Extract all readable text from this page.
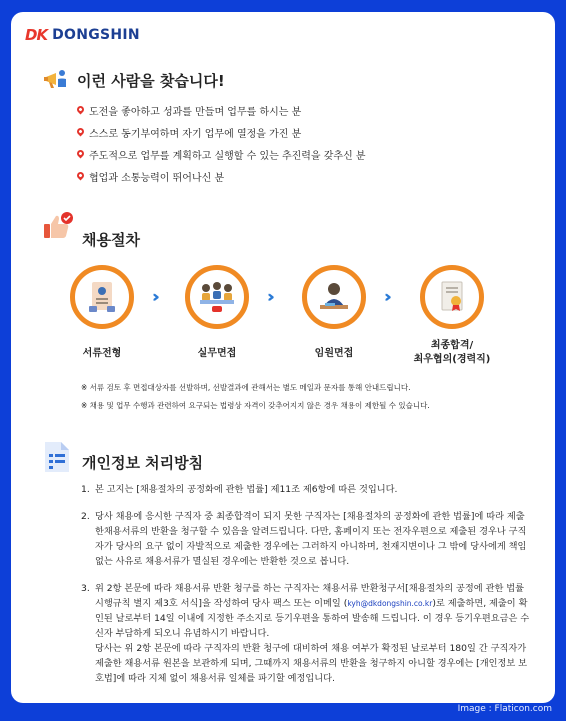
DK DONGSHIN
이런 사람을 찾습니다!
도전을 좋아하고 성과를 만들며 업무를 하시는 분
스스로 동기부여하며 자기 업무에 열정을 가진 분
주도적으로 업무를 계획하고 실행할 수 있는 추진력을 갖추신 분
협업과 소통능력이 뛰어나신 분
채용절차
서류전형
›››
실무면접
›››
임원면접
›››
최종합격/
최우협의(경력직)
※ 서류 검토 후 면접대상자를 선발하며, 선발결과에 관해서는 별도 메일과 문자를 통해 안내드립니다.
※ 채용 및 업무 수행과 관련하여 요구되는 법령상 자격이 갖추어지지 않은 경우 채용이 제한될 수 있습니다.
개인정보 처리방침
1. 본 고지는 [채용절차의 공정화에 관한 법률] 제11조 제6항에 따른 것입니다.
2. 당사 채용에 응시한 구직자 중 최종합격이 되지 못한 구직자는 [채용절차의 공정화에 관한 법률]에 따라 제출한채용서류의 반환을 청구할 수 있음을 알려드립니다. 다만, 홈페이지 또는 전자우편으로 제출된 경우나 구직자가 당사의 요구 없이 자발적으로 제출한 경우에는 그러하지 아니하며, 천재지변이나 그 밖에 당사에게 책임없는 사유로 채용서류가 멸실된 경우에는 반환한 것으로 봅니다.
3. 위 2항 본문에 따라 채용서류 반환 청구를 하는 구직자는 채용서류 반환청구서[채용절차의 공정에 관한 법률 시행규칙 별지 제3호 서식]을 작성하여 당사 팩스 또는 이메일 (kyh@dkdongshin.co.kr)로 제출하면, 제출이 확인된 날로부터 14일 이내에 지정한 주소지로 등기우편을 통하여 발송해 드립니다. 이 경우 등기우편요금은 수신자 부담하게 되오니 유념하시기 바랍니다.
당사는 위 2항 본문에 따라 구직자의 반환 청구에 대비하여 채용 여부가 확정된 날로부터 180일 간 구직자가 제출한 채용서류 원본을 보관하게 되며, 그때까지 채용서류의 반환을 청구하지 아니할 경우에는 [개인정보 보호법]에 따라 지체 없이 채용서류 일체를 파기할 예정입니다.
Image : Flaticon.com
